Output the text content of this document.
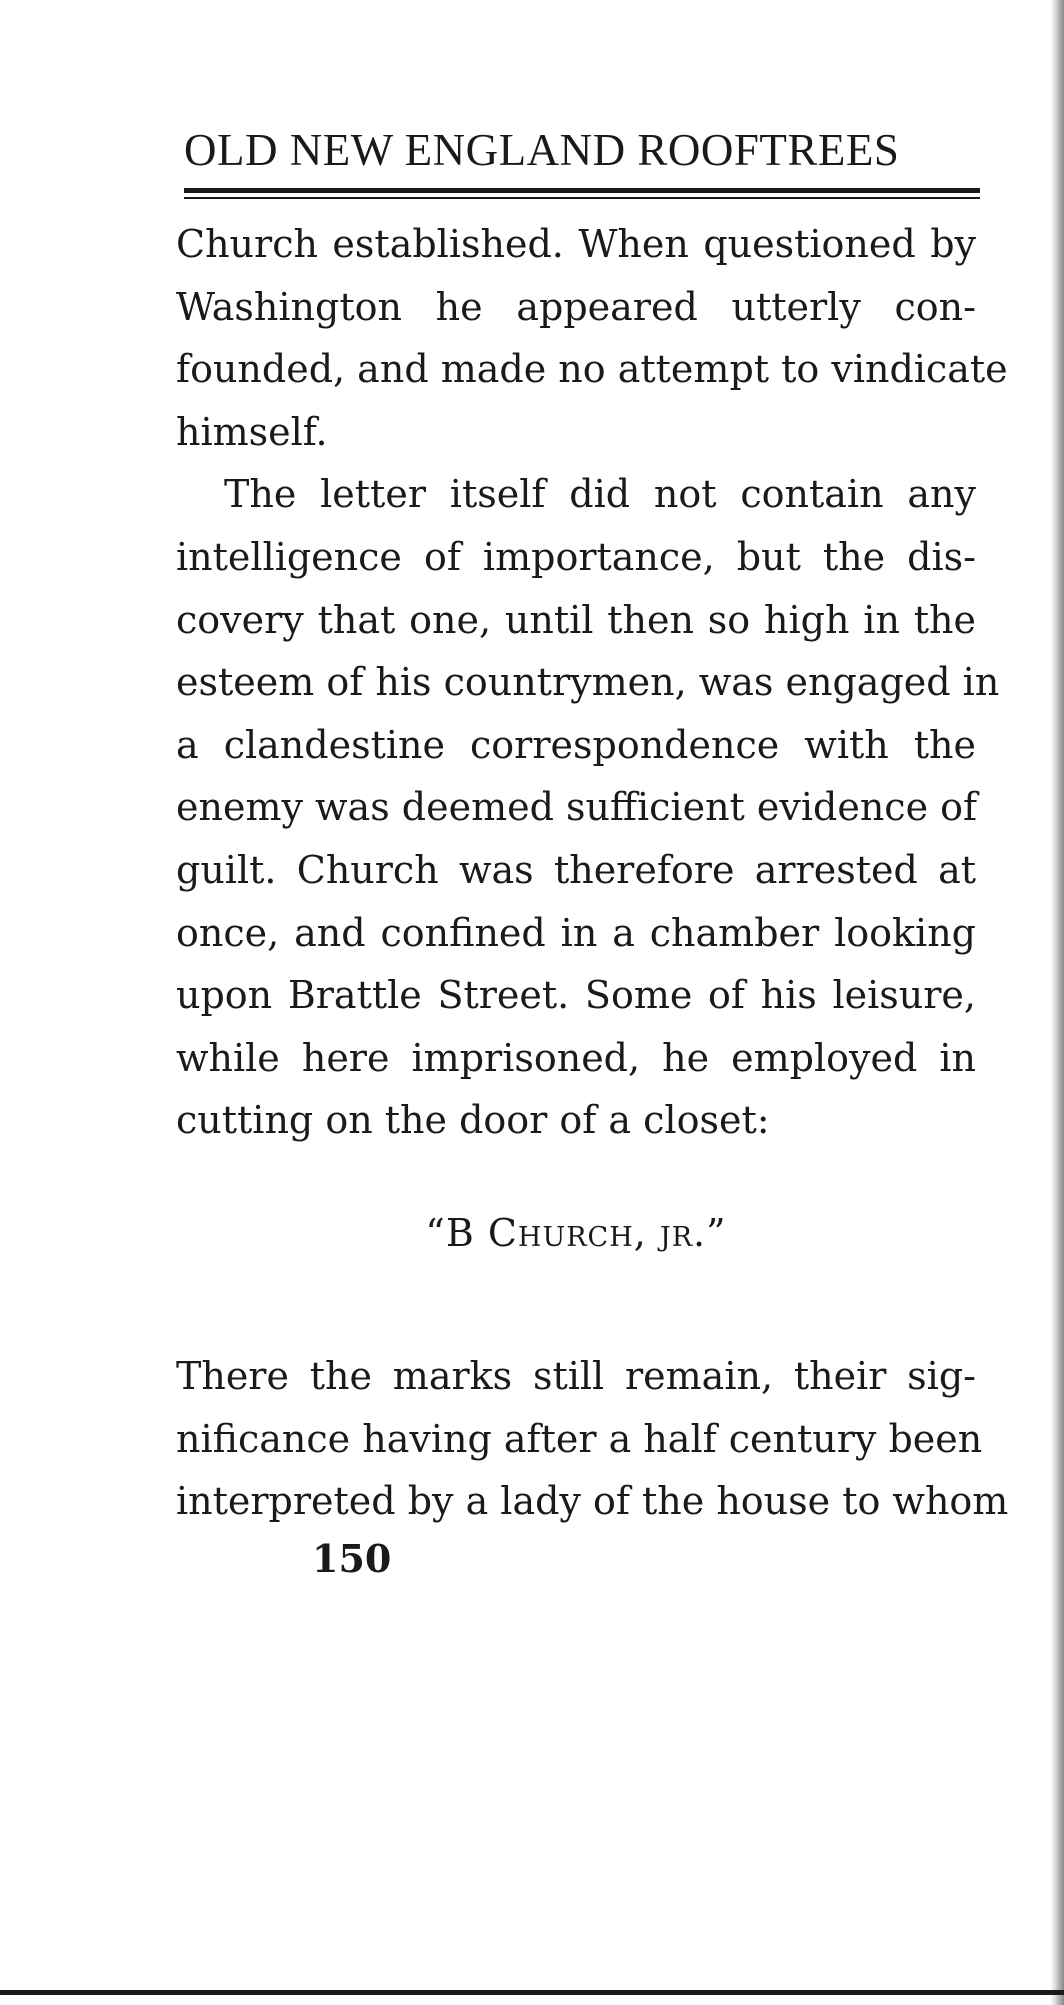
OLD NEW ENGLAND ROOFTREES
Church established. When questioned by
Washington he appeared utterly con-
founded, and made no attempt to vindicate
himself.
The letter itself did not contain any
intelligence of importance, but the dis-
covery that one, until then so high in the
esteem of his countrymen, was engaged in
a clandestine correspondence with the
enemy was deemed sufficient evidence of
guilt. Church was therefore arrested at
once, and confined in a chamber looking
upon Brattle Street. Some of his leisure,
while here imprisoned, he employed in
cutting on the door of a closet:
“B Church, jr.”
There the marks still remain, their sig-
nificance having after a half century been
interpreted by a lady of the house to whom
150
